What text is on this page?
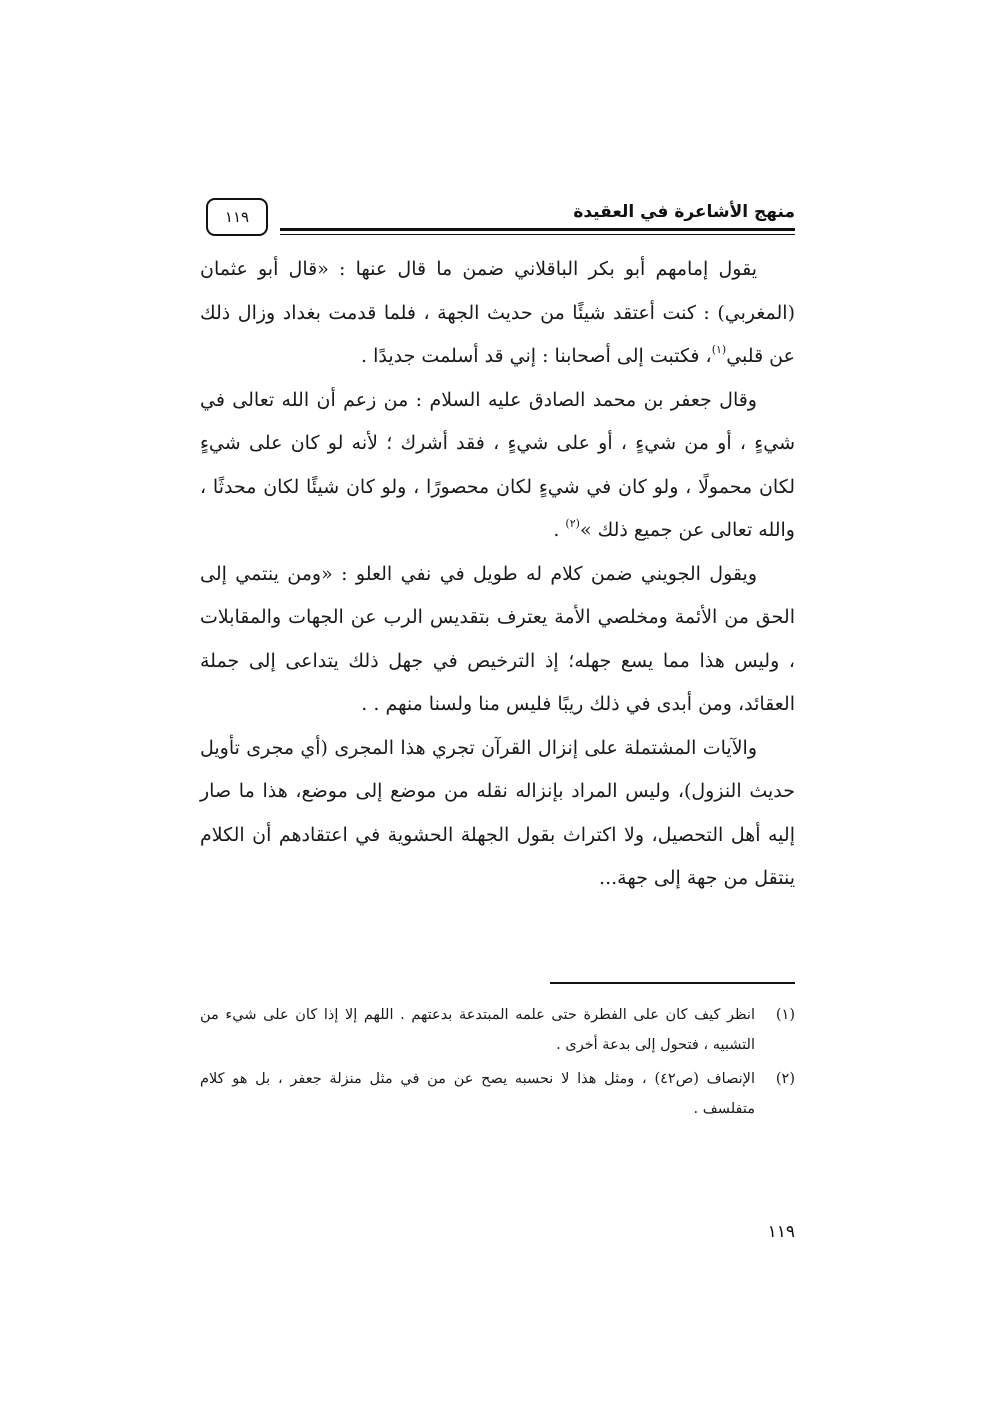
منهج الأشاعرة في العقيدة
١١٩

يقول إمامهم أبو بكر الباقلاني ضمن ما قال عنها : «قال أبو عثمان (المغربي) : كنت أعتقد شيئًا من حديث الجهة ، فلما قدمت بغداد وزال ذلك عن قلبي$^{(١)}$، فكتبت إلى أصحابنا : إني قد أسلمت جديدًا .

وقال جعفر بن محمد الصادق عليه السلام : من زعم أن الله تعالى في شيءٍ ، أو من شيءٍ ، أو على شيءٍ ، فقد أشرك ؛ لأنه لو كان على شيءٍ لكان محمولًا ، ولو كان في شيءٍ لكان محصورًا ، ولو كان شيئًا لكان محدثًا ، والله تعالى عن جميع ذلك »$^{(٢)}$ .

ويقول الجويني ضمن كلام له طويل في نفي العلو : «ومن ينتمي إلى الحق من الأئمة ومخلصي الأمة يعترف بتقديس الرب عن الجهات والمقابلات ، وليس هذا مما يسع جهله؛ إذ الترخيص في جهل ذلك يتداعى إلى جملة العقائد، ومن أبدى في ذلك ريبًا فليس منا ولسنا منهم . .

والآيات المشتملة على إنزال القرآن تجري هذا المجرى (أي مجرى تأويل حديث النزول)، وليس المراد بإنزاله نقله من موضع إلى موضع، هذا ما صار إليه أهل التحصيل، ولا اكتراث بقول الجهلة الحشوية في اعتقادهم أن الكلام ينتقل من جهة إلى جهة...

(١)
انظر كيف كان على الفطرة حتى علمه المبتدعة بدعتهم . اللهم إلا إذا كان على شيء من التشبيه ، فتحول إلى بدعة أخرى .
(٢)
الإنصاف (ص٤٢) ، ومثل هذا لا نحسبه يصح عن من في مثل منزلة جعفر ، بل هو كلام متفلسف .
١١٩
